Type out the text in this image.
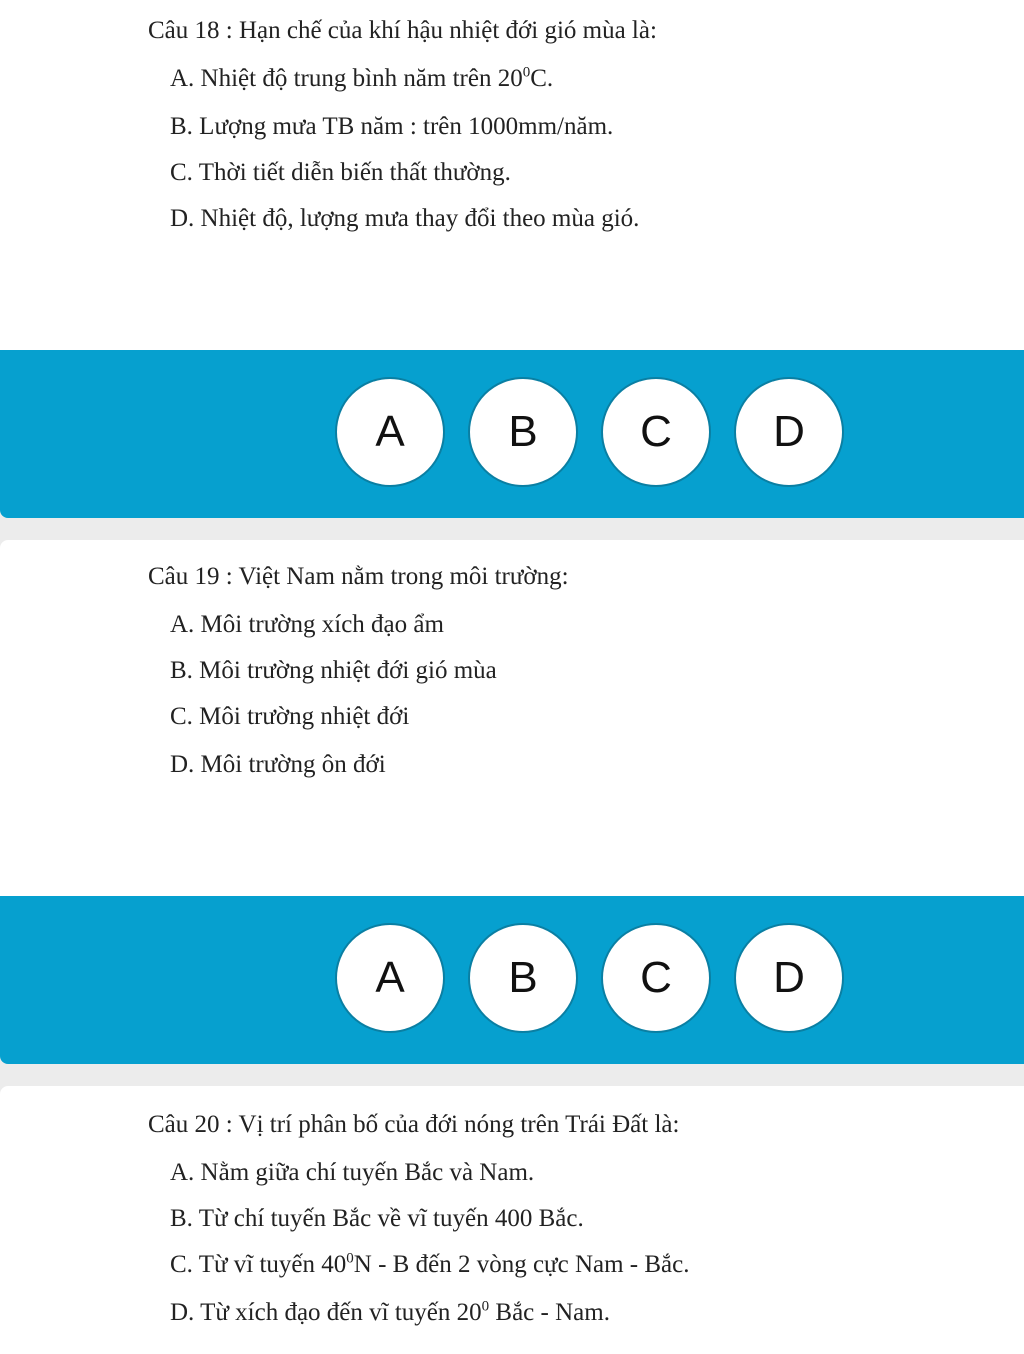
Câu 18 : Hạn chế của khí hậu nhiệt đới gió mùa là:
A. Nhiệt độ trung bình năm trên $20^0C$.
B. Lượng mưa TB năm : trên 1000mm/năm.
C. Thời tiết diễn biến thất thường.
D. Nhiệt độ, lượng mưa thay đổi theo mùa gió.
A	B	C	D
Câu 19 : Việt Nam nằm trong môi trường:
A. Môi trường xích đạo ẩm
B. Môi trường nhiệt đới gió mùa
C. Môi trường nhiệt đới
D. Môi trường ôn đới
A	B	C	D
Câu 20 : Vị trí phân bố của đới nóng trên Trái Đất là:
A. Nằm giữa chí tuyến Bắc và Nam.
B. Từ chí tuyến Bắc về vĩ tuyến 400 Bắc.
C. Từ vĩ tuyến $40^0N$ - B đến 2 vòng cực Nam - Bắc.
D. Từ xích đạo đến vĩ tuyến $20^0$ Bắc - Nam.
